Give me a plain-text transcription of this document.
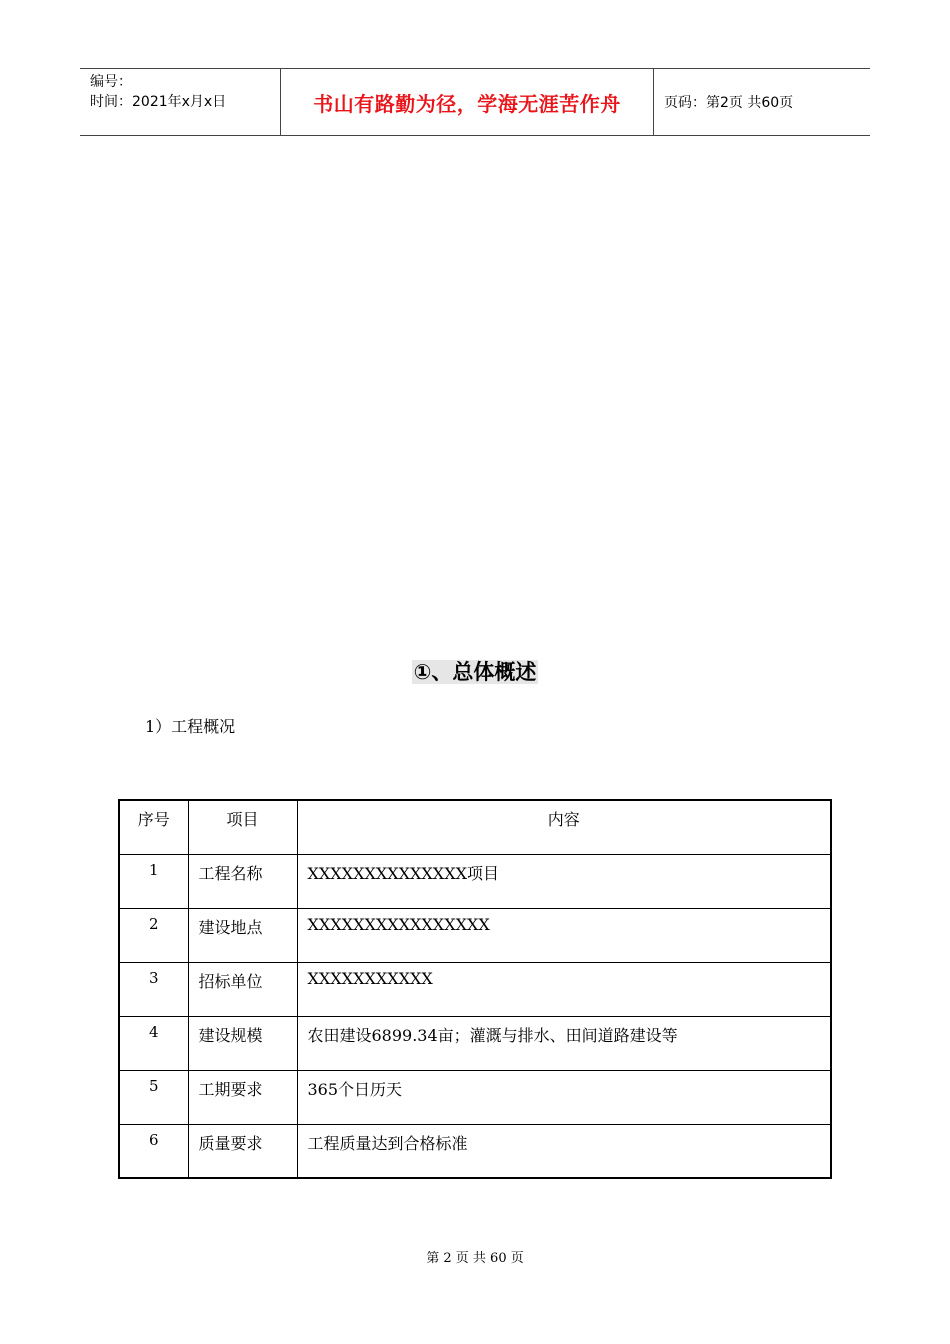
编号：
时间：2021年x月x日	书山有路勤为径，学海无涯苦作舟	页码：第2页 共60页
①、总体概述
1）工程概况
序号	项目	内容
1	工程名称	XXXXXXXXXXXXXX项目
2	建设地点	XXXXXXXXXXXXXXXX
3	招标单位	XXXXXXXXXXX
4	建设规模	农田建设6899.34亩；灌溉与排水、田间道路建设等
5	工期要求	365个日历天
6	质量要求	工程质量达到合格标准
第 2 页 共 60 页
